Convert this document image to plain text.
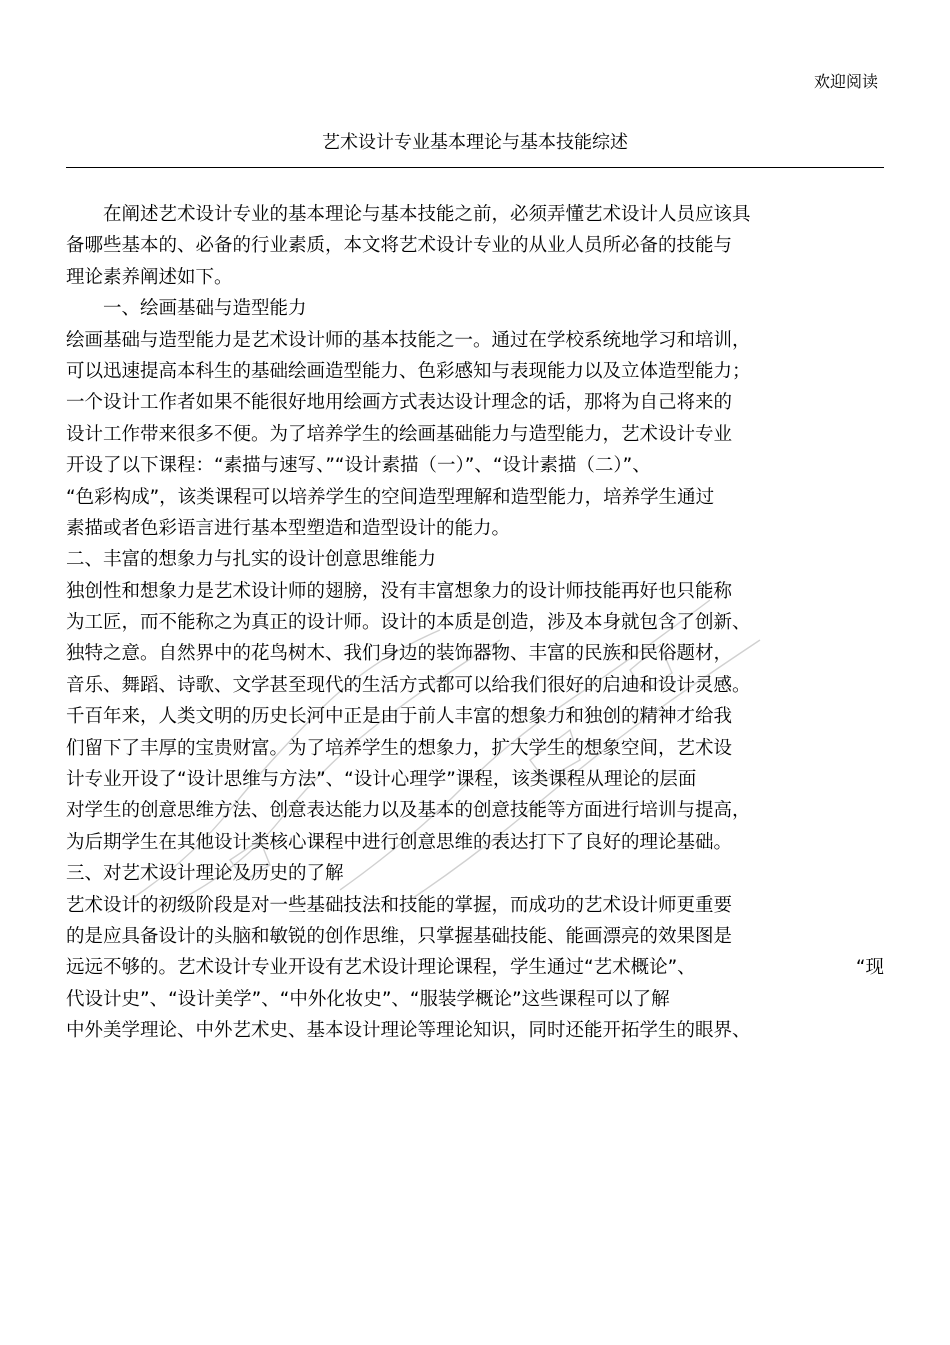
欢迎阅读
艺术设计专业基本理论与基本技能综述
在阐述艺术设计专业的基本理论与基本技能之前，必须弄懂艺术设计人员应该具
备哪些基本的、必备的行业素质，本文将艺术设计专业的从业人员所必备的技能与
理论素养阐述如下。
一、绘画基础与造型能力
绘画基础与造型能力是艺术设计师的基本技能之一。通过在学校系统地学习和培训，
可以迅速提高本科生的基础绘画造型能力、色彩感知与表现能力以及立体造型能力；
一个设计工作者如果不能很好地用绘画方式表达设计理念的话，那将为自己将来的
设计工作带来很多不便。为了培养学生的绘画基础能力与造型能力，艺术设计专业
开设了以下课程：“素描与速写、”“设计素描（一）”、“设计素描（二）”、
“色彩构成”，该类课程可以培养学生的空间造型理解和造型能力，培养学生通过
素描或者色彩语言进行基本型塑造和造型设计的能力。
二、丰富的想象力与扎实的设计创意思维能力
独创性和想象力是艺术设计师的翅膀，没有丰富想象力的设计师技能再好也只能称
为工匠，而不能称之为真正的设计师。设计的本质是创造，涉及本身就包含了创新、
独特之意。自然界中的花鸟树木、我们身边的装饰器物、丰富的民族和民俗题材，
音乐、舞蹈、诗歌、文学甚至现代的生活方式都可以给我们很好的启迪和设计灵感。
千百年来，人类文明的历史长河中正是由于前人丰富的想象力和独创的精神才给我
们留下了丰厚的宝贵财富。为了培养学生的想象力，扩大学生的想象空间，艺术设
计专业开设了“设计思维与方法”、“设计心理学”课程，该类课程从理论的层面
对学生的创意思维方法、创意表达能力以及基本的创意技能等方面进行培训与提高，
为后期学生在其他设计类核心课程中进行创意思维的表达打下了良好的理论基础。
三、对艺术设计理论及历史的了解
艺术设计的初级阶段是对一些基础技法和技能的掌握，而成功的艺术设计师更重要
的是应具备设计的头脑和敏锐的创作思维，只掌握基础技能、能画漂亮的效果图是
远远不够的。艺术设计专业开设有艺术设计理论课程，学生通过“艺术概论”、	“现
代设计史”、“设计美学”、“中外化妆史”、“服装学概论”这些课程可以了解
中外美学理论、中外艺术史、基本设计理论等理论知识，同时还能开拓学生的眼界、
